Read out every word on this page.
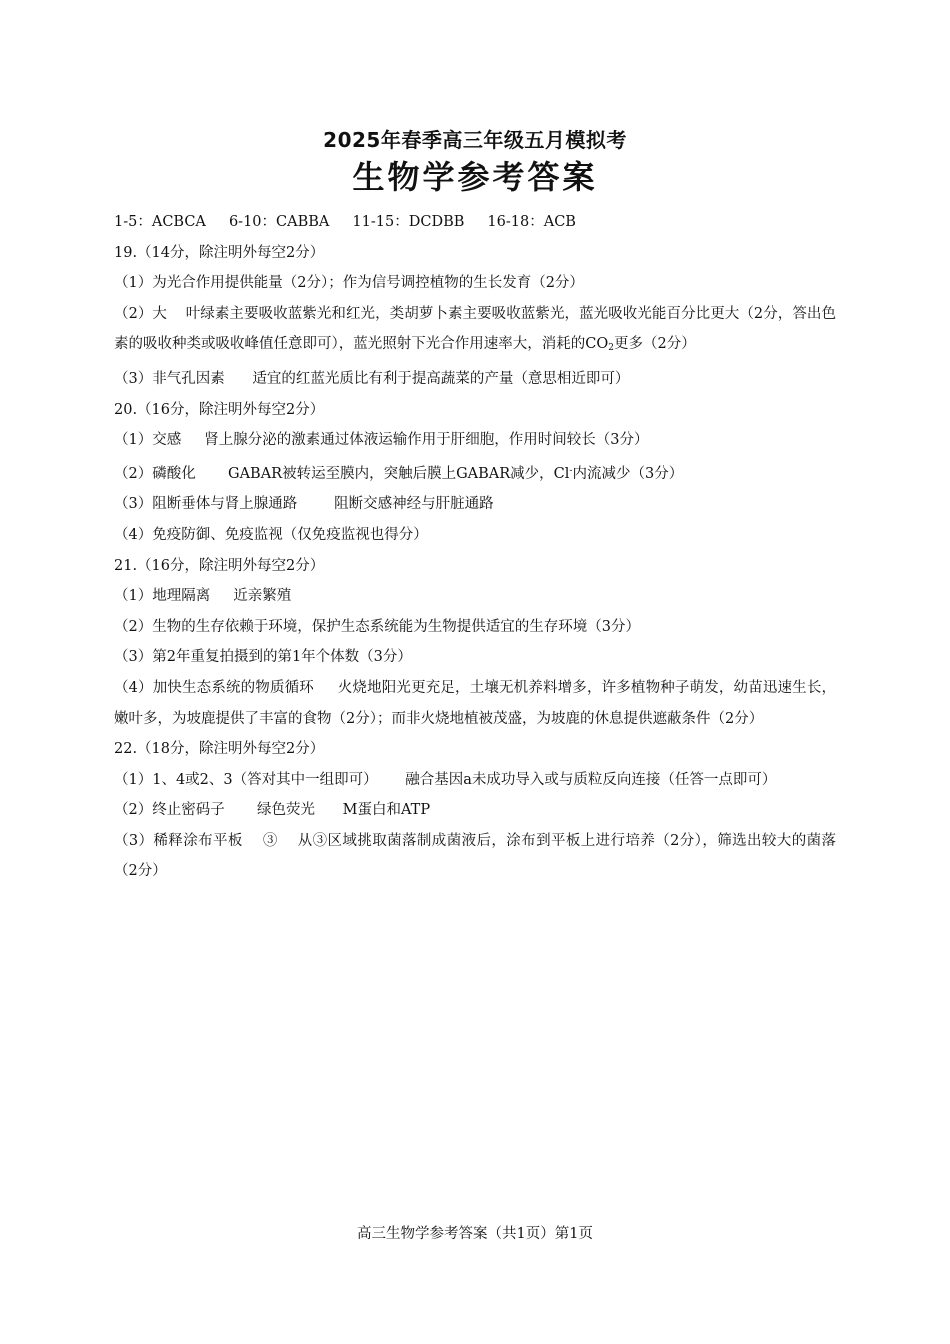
2025年春季高三年级五月模拟考
生物学参考答案
1-5：ACBCA     6-10：CABBA     11-15：DCDBB     16-18：ACB
19.（14分，除注明外每空2分）
（1）为光合作用提供能量（2分）；作为信号调控植物的生长发育（2分）
（2）大    叶绿素主要吸收蓝紫光和红光，类胡萝卜素主要吸收蓝紫光，蓝光吸收光能百分比更大（2分，答出色素的吸收种类或吸收峰值任意即可），蓝光照射下光合作用速率大，消耗的$CO_2$更多（2分）
（3）非气孔因素      适宜的红蓝光质比有利于提高蔬菜的产量（意思相近即可）
20.（16分，除注明外每空2分）
（1）交感     肾上腺分泌的激素通过体液运输作用于肝细胞，作用时间较长（3分）
（2）磷酸化       GABAR被转运至膜内，突触后膜上GABAR减少，Cl-内流减少（3分）
（3）阻断垂体与肾上腺通路        阻断交感神经与肝脏通路
（4）免疫防御、免疫监视（仅免疫监视也得分）
21.（16分，除注明外每空2分）
（1）地理隔离     近亲繁殖
（2）生物的生存依赖于环境，保护生态系统能为生物提供适宜的生存环境（3分）
（3）第2年重复拍摄到的第1年个体数（3分）
（4）加快生态系统的物质循环     火烧地阳光更充足，土壤无机养料增多，许多植物种子萌发，幼苗迅速生长，嫩叶多，为坡鹿提供了丰富的食物（2分）；而非火烧地植被茂盛，为坡鹿的休息提供遮蔽条件（2分）
22.（18分，除注明外每空2分）
（1）1、4或2、3（答对其中一组即可）      融合基因a未成功导入或与质粒反向连接（任答一点即可）
（2）终止密码子       绿色荧光      M蛋白和ATP
（3）稀释涂布平板    ③    从③区域挑取菌落制成菌液后，涂布到平板上进行培养（2分），筛选出较大的菌落（2分）
高三生物学参考答案（共1页）第1页
